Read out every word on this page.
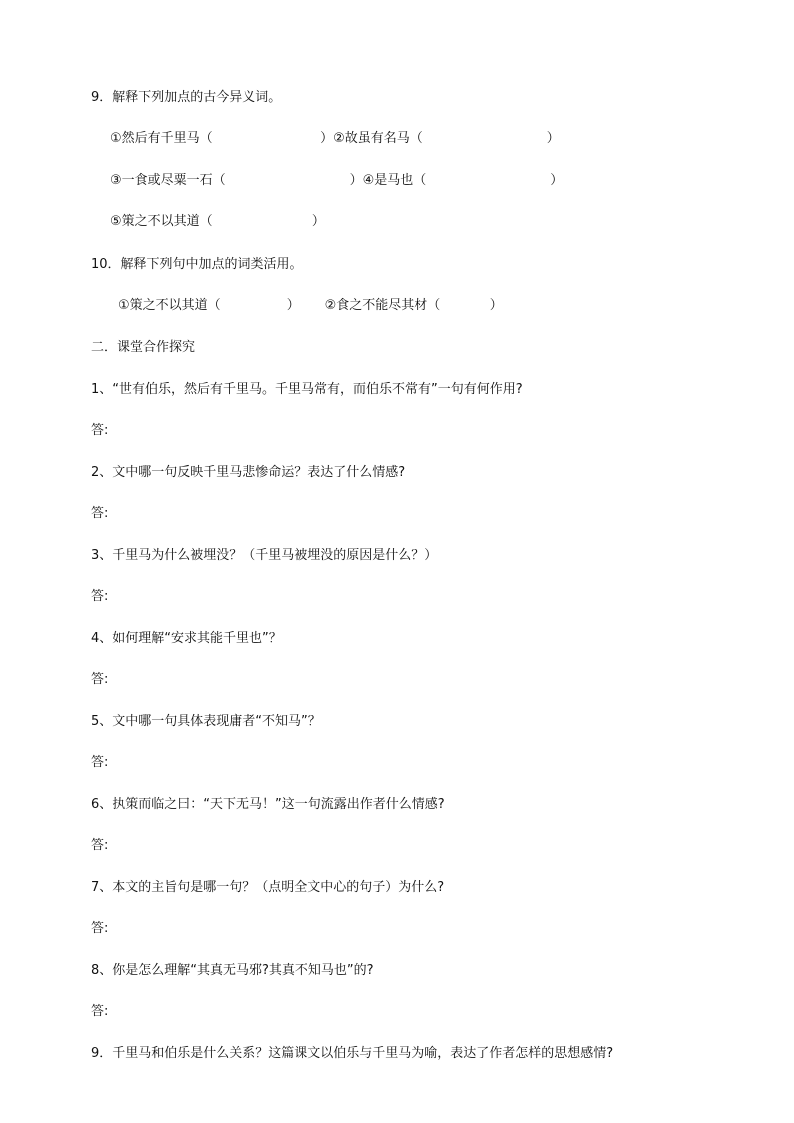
9．解释下列加点的古今异义词。
①然后有千里马（                          ）②故虽有名马（                              ）
③一食或尽粟一石（                              ）④是马也（                              ）
⑤策之不以其道（                        ）
10．解释下列句中加点的词类活用。
①策之不以其道（                ）      ②食之不能尽其材（            ）
二．课堂合作探究
1、“世有伯乐，然后有千里马。千里马常有，而伯乐不常有”一句有何作用?
答:
2、文中哪一句反映千里马悲惨命运？表达了什么情感?
答:
3、千里马为什么被埋没？（千里马被埋没的原因是什么？）
答:
4、如何理解“安求其能千里也”？
答:
5、文中哪一句具体表现庸者“不知马”？
答:
6、执策而临之曰：“天下无马！”这一句流露出作者什么情感?
答:
7、本文的主旨句是哪一句？（点明全文中心的句子）为什么?
答:
8、你是怎么理解“其真无马邪?其真不知马也”的?
答:
9．千里马和伯乐是什么关系？这篇课文以伯乐与千里马为喻，表达了作者怎样的思想感情?
